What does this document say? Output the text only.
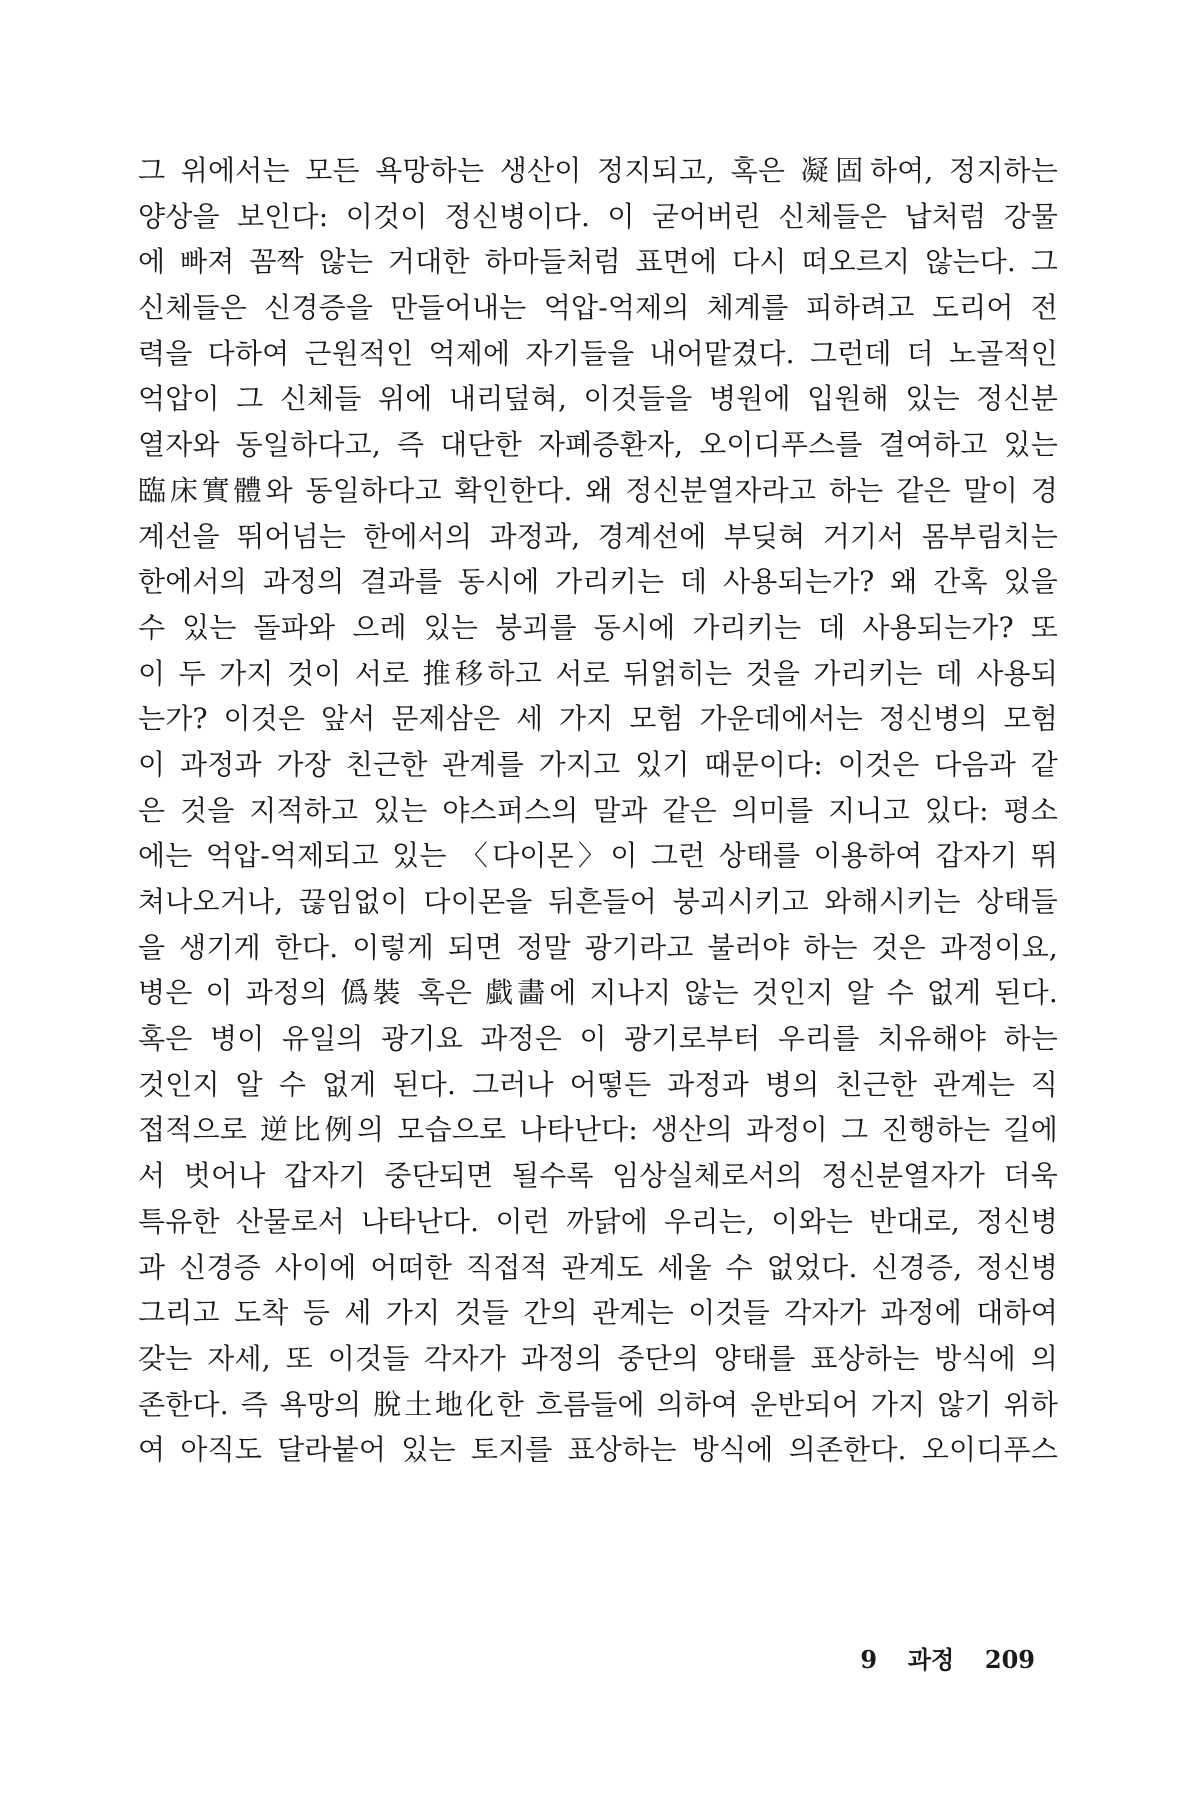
그 위에서는 모든 욕망하는 생산이 정지되고, 혹은 凝固하여, 정지하는
양상을 보인다: 이것이 정신병이다. 이 굳어버린 신체들은 납처럼 강물
에 빠져 꼼짝 않는 거대한 하마들처럼 표면에 다시 떠오르지 않는다. 그
신체들은 신경증을 만들어내는 억압-억제의 체계를 피하려고 도리어 전
력을 다하여 근원적인 억제에 자기들을 내어맡겼다. 그런데 더 노골적인
억압이 그 신체들 위에 내리덮혀, 이것들을 병원에 입원해 있는 정신분
열자와 동일하다고, 즉 대단한 자폐증환자, 오이디푸스를 결여하고 있는
臨床實體와 동일하다고 확인한다. 왜 정신분열자라고 하는 같은 말이 경
계선을 뛰어넘는 한에서의 과정과, 경계선에 부딪혀 거기서 몸부림치는
한에서의 과정의 결과를 동시에 가리키는 데 사용되는가? 왜 간혹 있을
수 있는 돌파와 으레 있는 붕괴를 동시에 가리키는 데 사용되는가? 또
이 두 가지 것이 서로 推移하고 서로 뒤얽히는 것을 가리키는 데 사용되
는가? 이것은 앞서 문제삼은 세 가지 모험 가운데에서는 정신병의 모험
이 과정과 가장 친근한 관계를 가지고 있기 때문이다: 이것은 다음과 같
은 것을 지적하고 있는 야스퍼스의 말과 같은 의미를 지니고 있다: 평소
에는 억압-억제되고 있는 〈다이몬〉이 그런 상태를 이용하여 갑자기 뛰
쳐나오거나, 끊임없이 다이몬을 뒤흔들어 붕괴시키고 와해시키는 상태들
을 생기게 한다. 이렇게 되면 정말 광기라고 불러야 하는 것은 과정이요,
병은 이 과정의 僞裝 혹은 戱畵에 지나지 않는 것인지 알 수 없게 된다.
혹은 병이 유일의 광기요 과정은 이 광기로부터 우리를 치유해야 하는
것인지 알 수 없게 된다. 그러나 어떻든 과정과 병의 친근한 관계는 직
접적으로 逆比例의 모습으로 나타난다: 생산의 과정이 그 진행하는 길에
서 벗어나 갑자기 중단되면 될수록 임상실체로서의 정신분열자가 더욱
특유한 산물로서 나타난다. 이런 까닭에 우리는, 이와는 반대로, 정신병
과 신경증 사이에 어떠한 직접적 관계도 세울 수 없었다. 신경증, 정신병
그리고 도착 등 세 가지 것들 간의 관계는 이것들 각자가 과정에 대하여
갖는 자세, 또 이것들 각자가 과정의 중단의 양태를 표상하는 방식에 의
존한다. 즉 욕망의 脫土地化한 흐름들에 의하여 운반되어 가지 않기 위하
여 아직도 달라붙어 있는 토지를 표상하는 방식에 의존한다. 오이디푸스
9 과정 209
